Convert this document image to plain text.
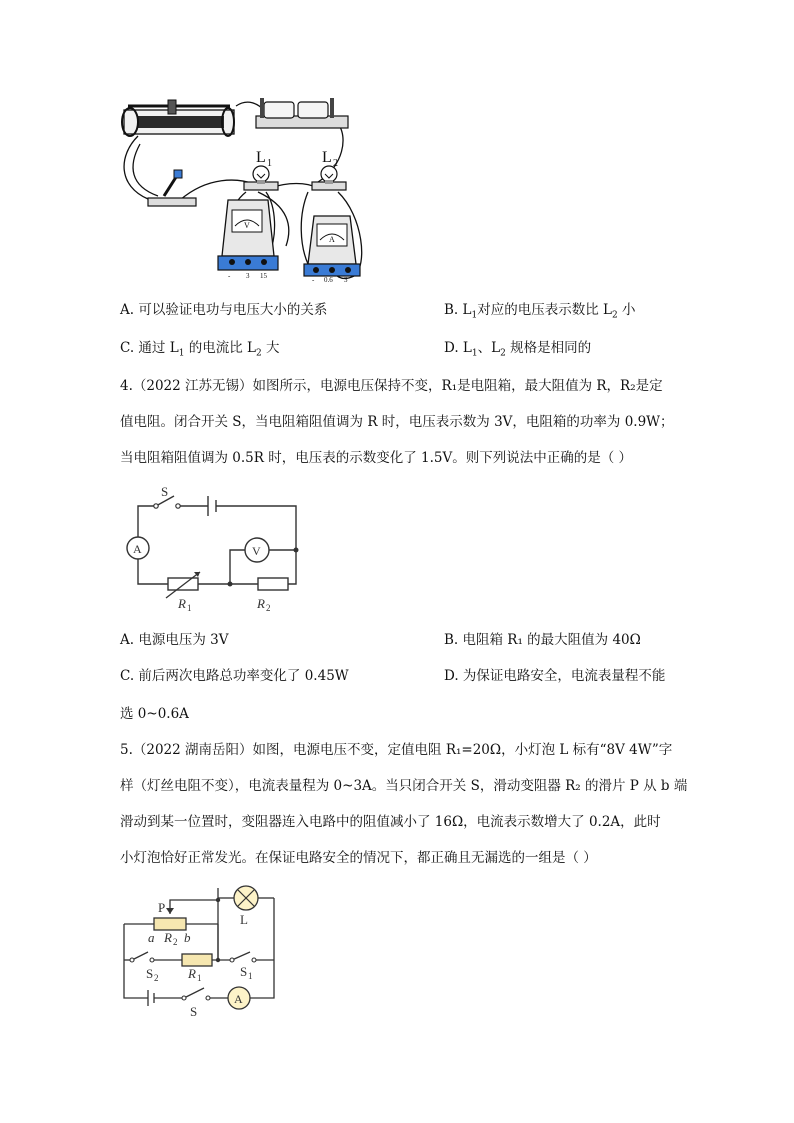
L 1	L 2
V
- 3 15
A
- 0.6 3
A. 可以验证电功与电压大小的关系	B. $L_1$对应的电压表示数比 $L_2$ 小
C. 通过 $L_1$ 的电流比 $L_2$ 大	D. $L_1$、$L_2$ 规格是相同的
4.（2022 江苏无锡）如图所示，电源电压保持不变，R₁是电阻箱，最大阻值为 R，R₂是定
值电阻。闭合开关 S，当电阻箱阻值调为 R 时，电压表示数为 3V，电阻箱的功率为 0.9W；
当电阻箱阻值调为 0.5R 时，电压表的示数变化了 1.5V。则下列说法中正确的是（ ）
S
A	V
R 1	R 2
A. 电源电压为 3V	B. 电阻箱 R₁ 的最大阻值为 40Ω
C. 前后两次电路总功率变化了 0.45W	D. 为保证电路安全，电流表量程不能
选 0~0.6A
5.（2022 湖南岳阳）如图，电源电压不变，定值电阻 R₁=20Ω，小灯泡 L 标有“8V 4W”字
样（灯丝电阻不变），电流表量程为 0~3A。当只闭合开关 S，滑动变阻器 R₂ 的滑片 P 从 b 端
滑动到某一位置时，变阻器连入电路中的阻值减小了 16Ω，电流表示数增大了 0.2A，此时
小灯泡恰好正常发光。在保证电路安全的情况下，都正确且无漏选的一组是（ ）
P
a R 2 b
L
S 2 R 1	S 1
S
A
